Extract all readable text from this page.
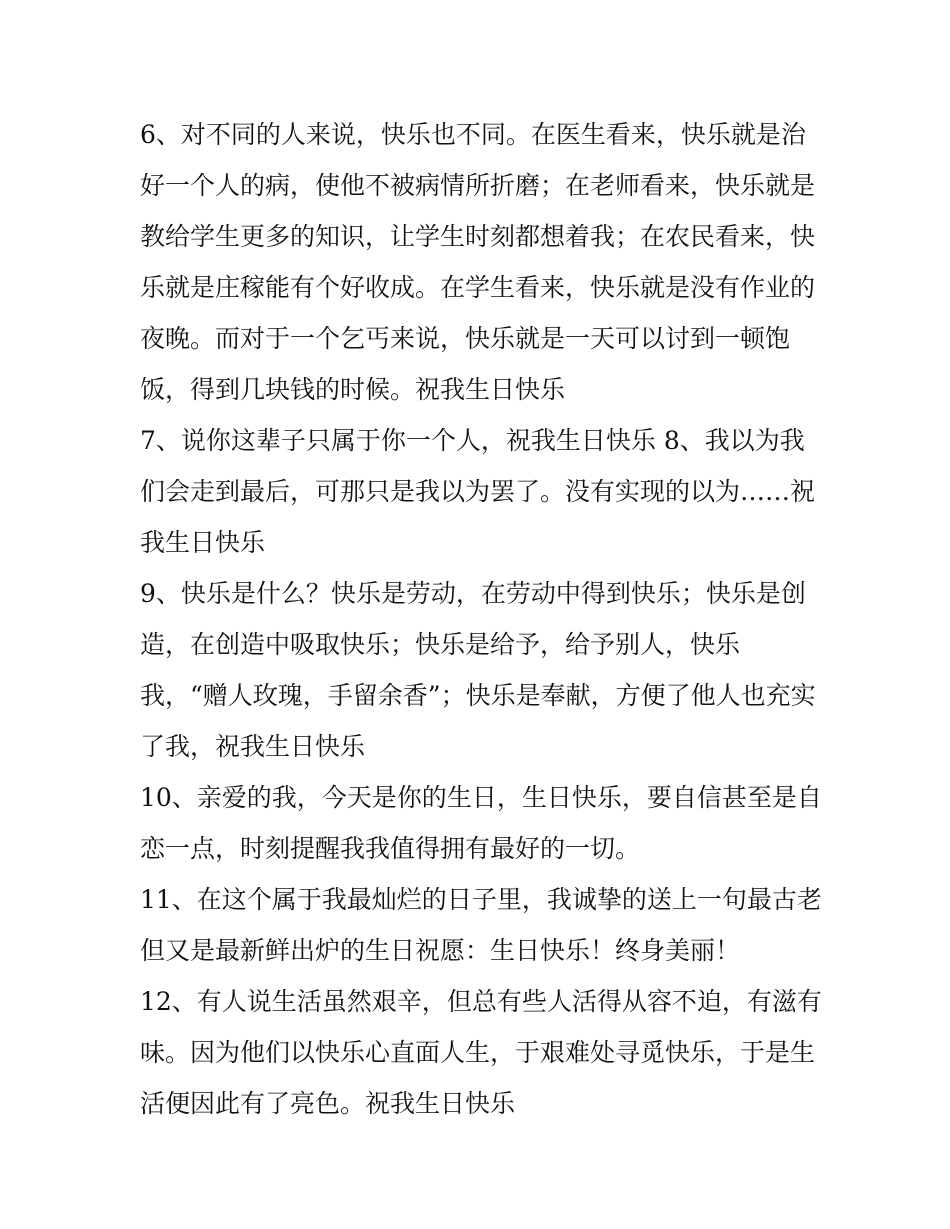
6、对不同的人来说，快乐也不同。在医生看来，快乐就是治
好一个人的病，使他不被病情所折磨；在老师看来，快乐就是
教给学生更多的知识，让学生时刻都想着我；在农民看来，快
乐就是庄稼能有个好收成。在学生看来，快乐就是没有作业的
夜晚。而对于一个乞丐来说，快乐就是一天可以讨到一顿饱
饭，得到几块钱的时候。祝我生日快乐
7、说你这辈子只属于你一个人，祝我生日快乐 8、我以为我
们会走到最后，可那只是我以为罢了。没有实现的以为……祝
我生日快乐
9、快乐是什么？快乐是劳动，在劳动中得到快乐；快乐是创
造，在创造中吸取快乐；快乐是给予，给予别人，快乐
我，“赠人玫瑰，手留余香”；快乐是奉献，方便了他人也充实
了我，祝我生日快乐
10、亲爱的我，今天是你的生日，生日快乐，要自信甚至是自
恋一点，时刻提醒我我值得拥有最好的一切。
11、在这个属于我最灿烂的日子里，我诚挚的送上一句最古老
但又是最新鲜出炉的生日祝愿：生日快乐！终身美丽！
12、有人说生活虽然艰辛，但总有些人活得从容不迫，有滋有
味。因为他们以快乐心直面人生，于艰难处寻觅快乐，于是生
活便因此有了亮色。祝我生日快乐
